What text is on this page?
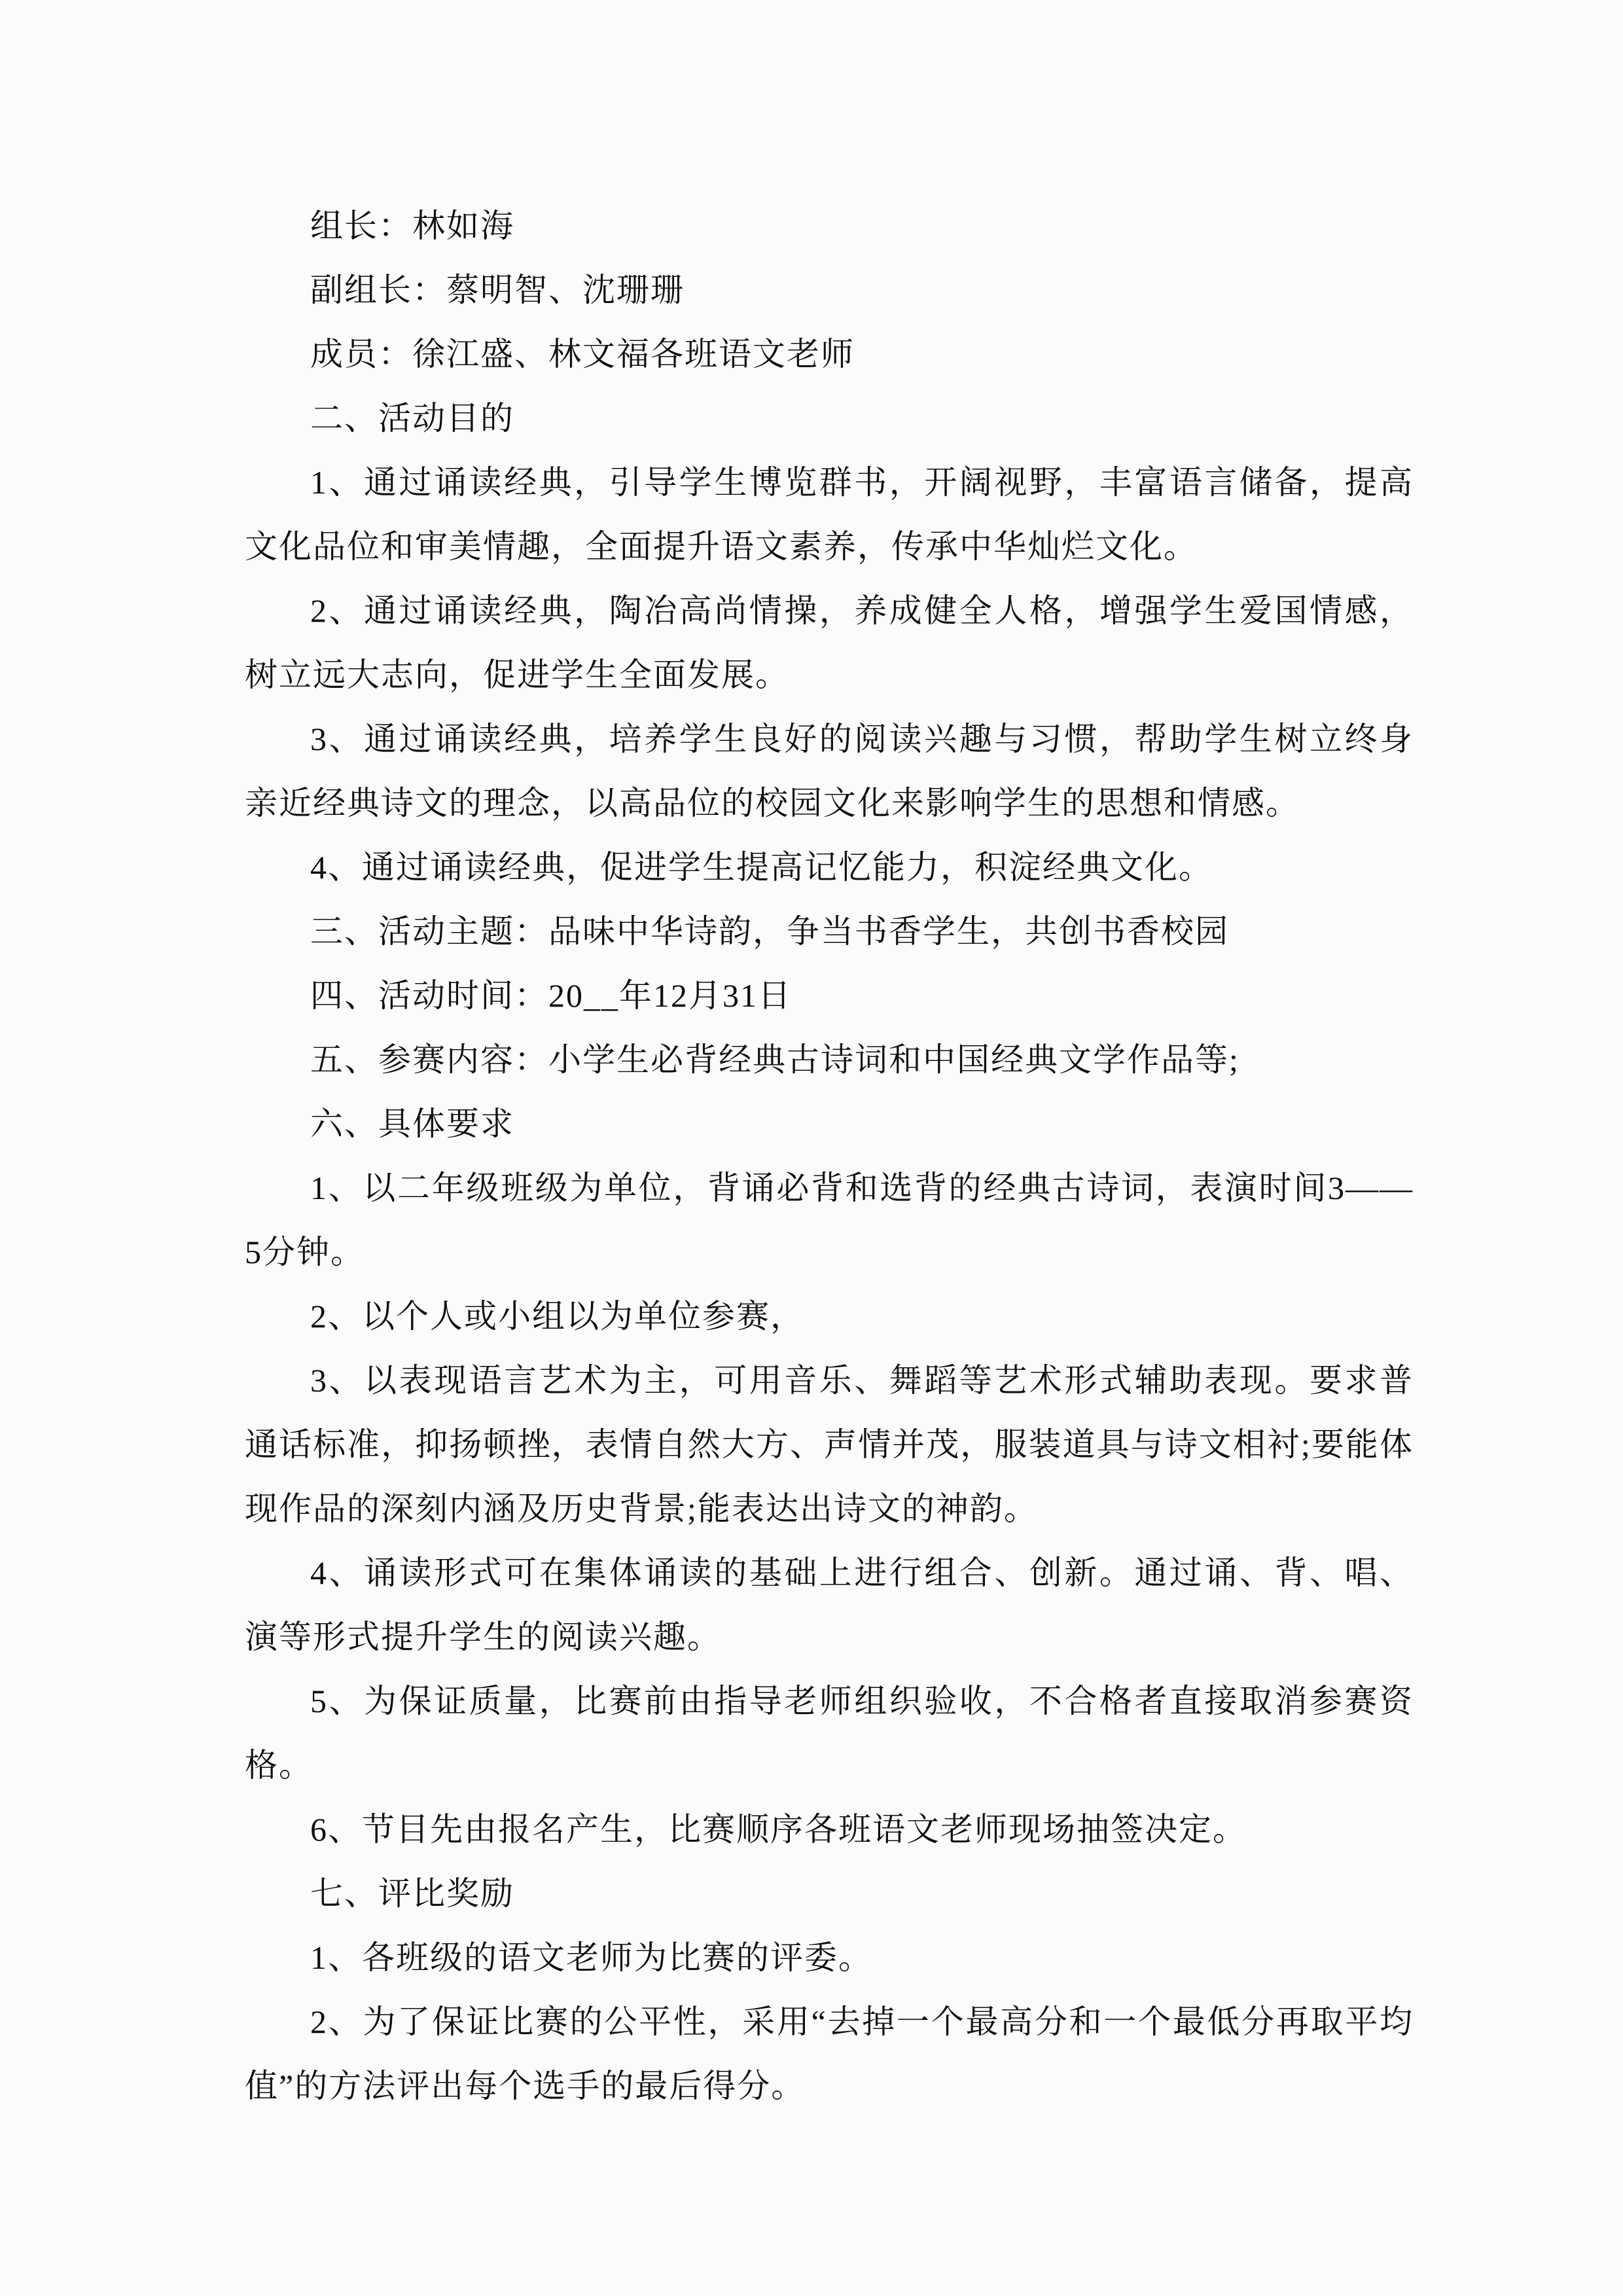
组长：林如海

副组长：蔡明智、沈珊珊

成员：徐江盛、林文福各班语文老师

二、活动目的

1、通过诵读经典，引导学生博览群书，开阔视野，丰富语言储备，提高文化品位和审美情趣，全面提升语文素养，传承中华灿烂文化。

2、通过诵读经典，陶冶高尚情操，养成健全人格，增强学生爱国情感，树立远大志向，促进学生全面发展。

3、通过诵读经典，培养学生良好的阅读兴趣与习惯，帮助学生树立终身亲近经典诗文的理念，以高品位的校园文化来影响学生的思想和情感。

4、通过诵读经典，促进学生提高记忆能力，积淀经典文化。

三、活动主题：品味中华诗韵，争当书香学生，共创书香校园

四、活动时间：20__年12月31日

五、参赛内容：小学生必背经典古诗词和中国经典文学作品等;

六、具体要求

1、以二年级班级为单位，背诵必背和选背的经典古诗词，表演时间3——5分钟。

2、以个人或小组以为单位参赛，

3、以表现语言艺术为主，可用音乐、舞蹈等艺术形式辅助表现。要求普通话标准，抑扬顿挫，表情自然大方、声情并茂，服装道具与诗文相衬;要能体现作品的深刻内涵及历史背景;能表达出诗文的神韵。

4、诵读形式可在集体诵读的基础上进行组合、创新。通过诵、背、唱、演等形式提升学生的阅读兴趣。

5、为保证质量，比赛前由指导老师组织验收，不合格者直接取消参赛资格。

6、节目先由报名产生，比赛顺序各班语文老师现场抽签决定。

七、评比奖励

1、各班级的语文老师为比赛的评委。

2、为了保证比赛的公平性，采用“去掉一个最高分和一个最低分再取平均值”的方法评出每个选手的最后得分。
